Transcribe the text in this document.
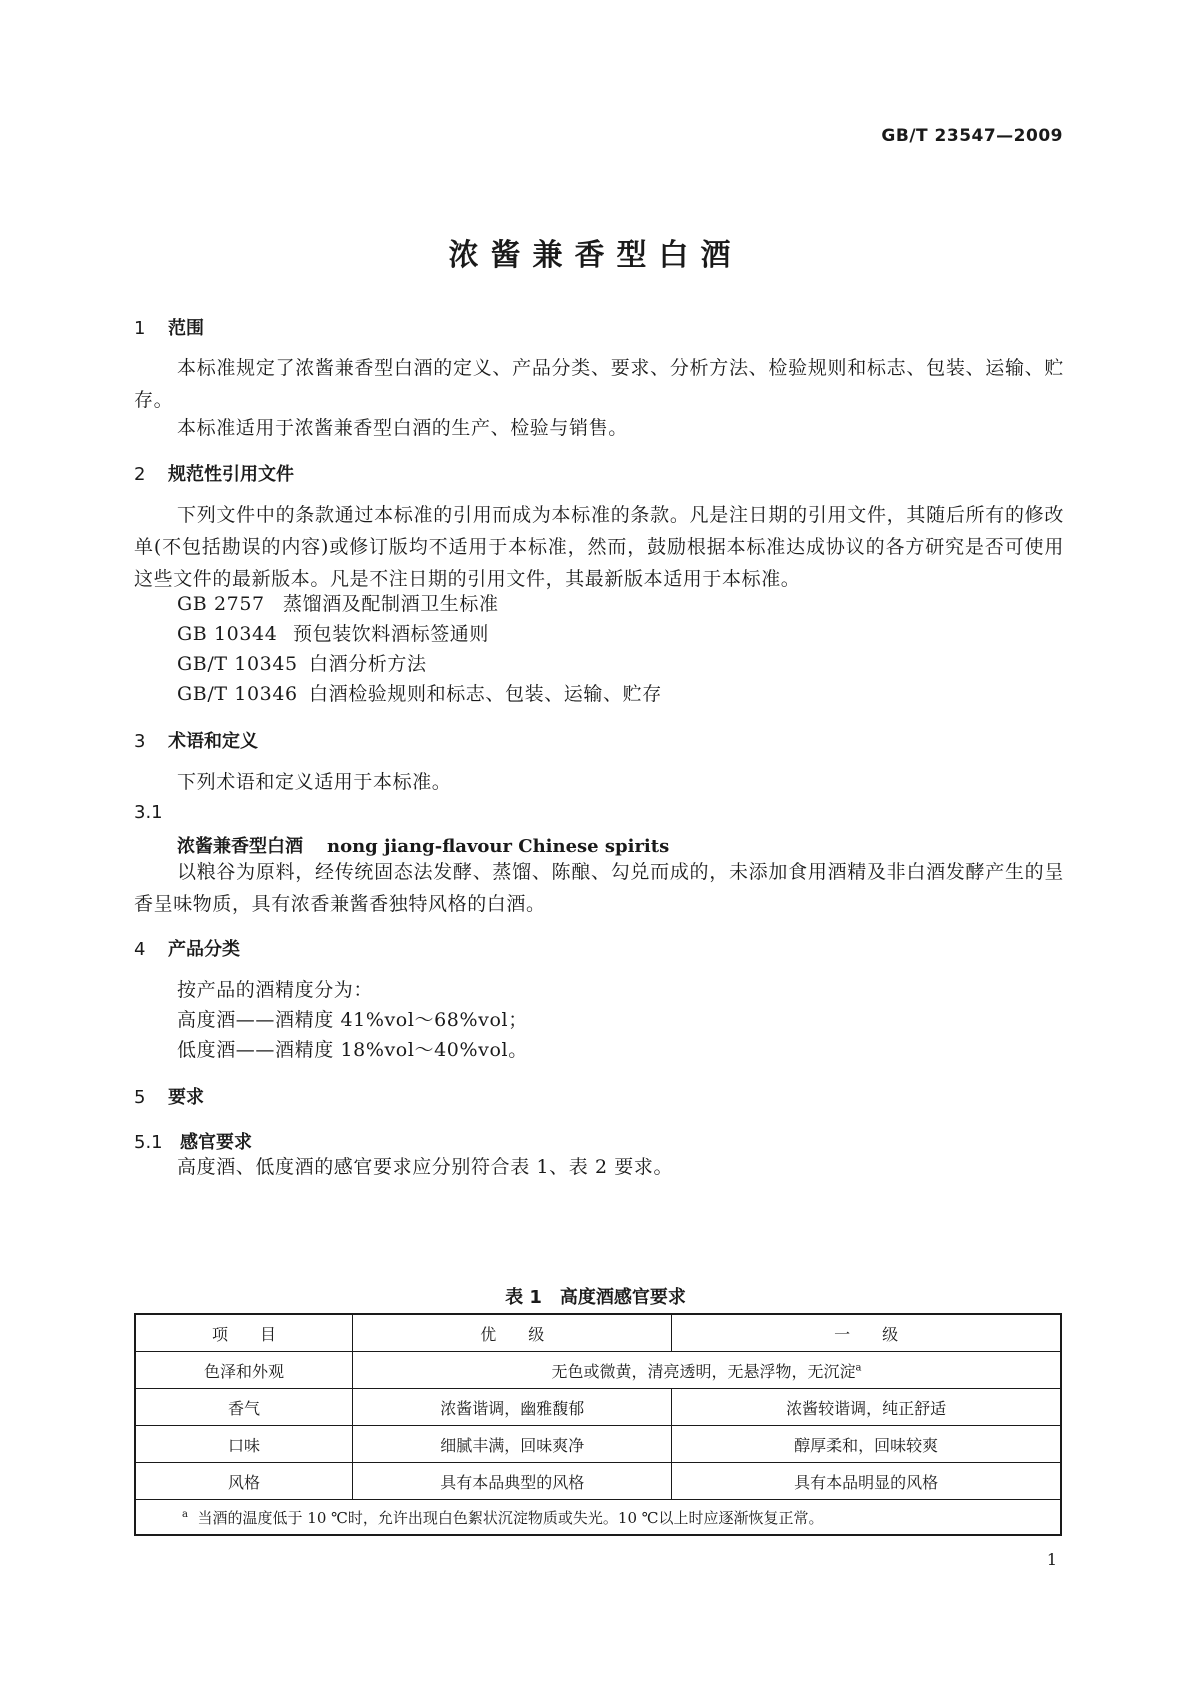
GB/T 23547—2009
浓酱兼香型白酒
1 范围
本标准规定了浓酱兼香型白酒的定义、产品分类、要求、分析方法、检验规则和标志、包装、运输、贮存。
本标准适用于浓酱兼香型白酒的生产、检验与销售。
2 规范性引用文件
下列文件中的条款通过本标准的引用而成为本标准的条款。凡是注日期的引用文件，其随后所有的修改单(不包括勘误的内容)或修订版均不适用于本标准，然而，鼓励根据本标准达成协议的各方研究是否可使用这些文件的最新版本。凡是不注日期的引用文件，其最新版本适用于本标准。
GB 2757 蒸馏酒及配制酒卫生标准
GB 10344 预包装饮料酒标签通则
GB/T 10345 白酒分析方法
GB/T 10346 白酒检验规则和标志、包装、运输、贮存
3 术语和定义
下列术语和定义适用于本标准。
3.1
浓酱兼香型白酒 nong jiang-flavour Chinese spirits
以粮谷为原料，经传统固态法发酵、蒸馏、陈酿、勾兑而成的，未添加食用酒精及非白酒发酵产生的呈香呈味物质，具有浓香兼酱香独特风格的白酒。
4 产品分类
按产品的酒精度分为：
高度酒——酒精度 41%vol～68%vol；
低度酒——酒精度 18%vol～40%vol。
5 要求
5.1 感官要求
高度酒、低度酒的感官要求应分别符合表 1、表 2 要求。
表 1　高度酒感官要求
项　　目	优　　级	一　　级
色泽和外观	无色或微黄，清亮透明，无悬浮物，无沉淀$^a$
香气	浓酱谐调，幽雅馥郁	浓酱较谐调，纯正舒适
口味	细腻丰满，回味爽净	醇厚柔和，回味较爽
风格	具有本品典型的风格	具有本品明显的风格
$^a$ 当酒的温度低于 10 ℃时，允许出现白色絮状沉淀物质或失光。10 ℃以上时应逐渐恢复正常。		
1
